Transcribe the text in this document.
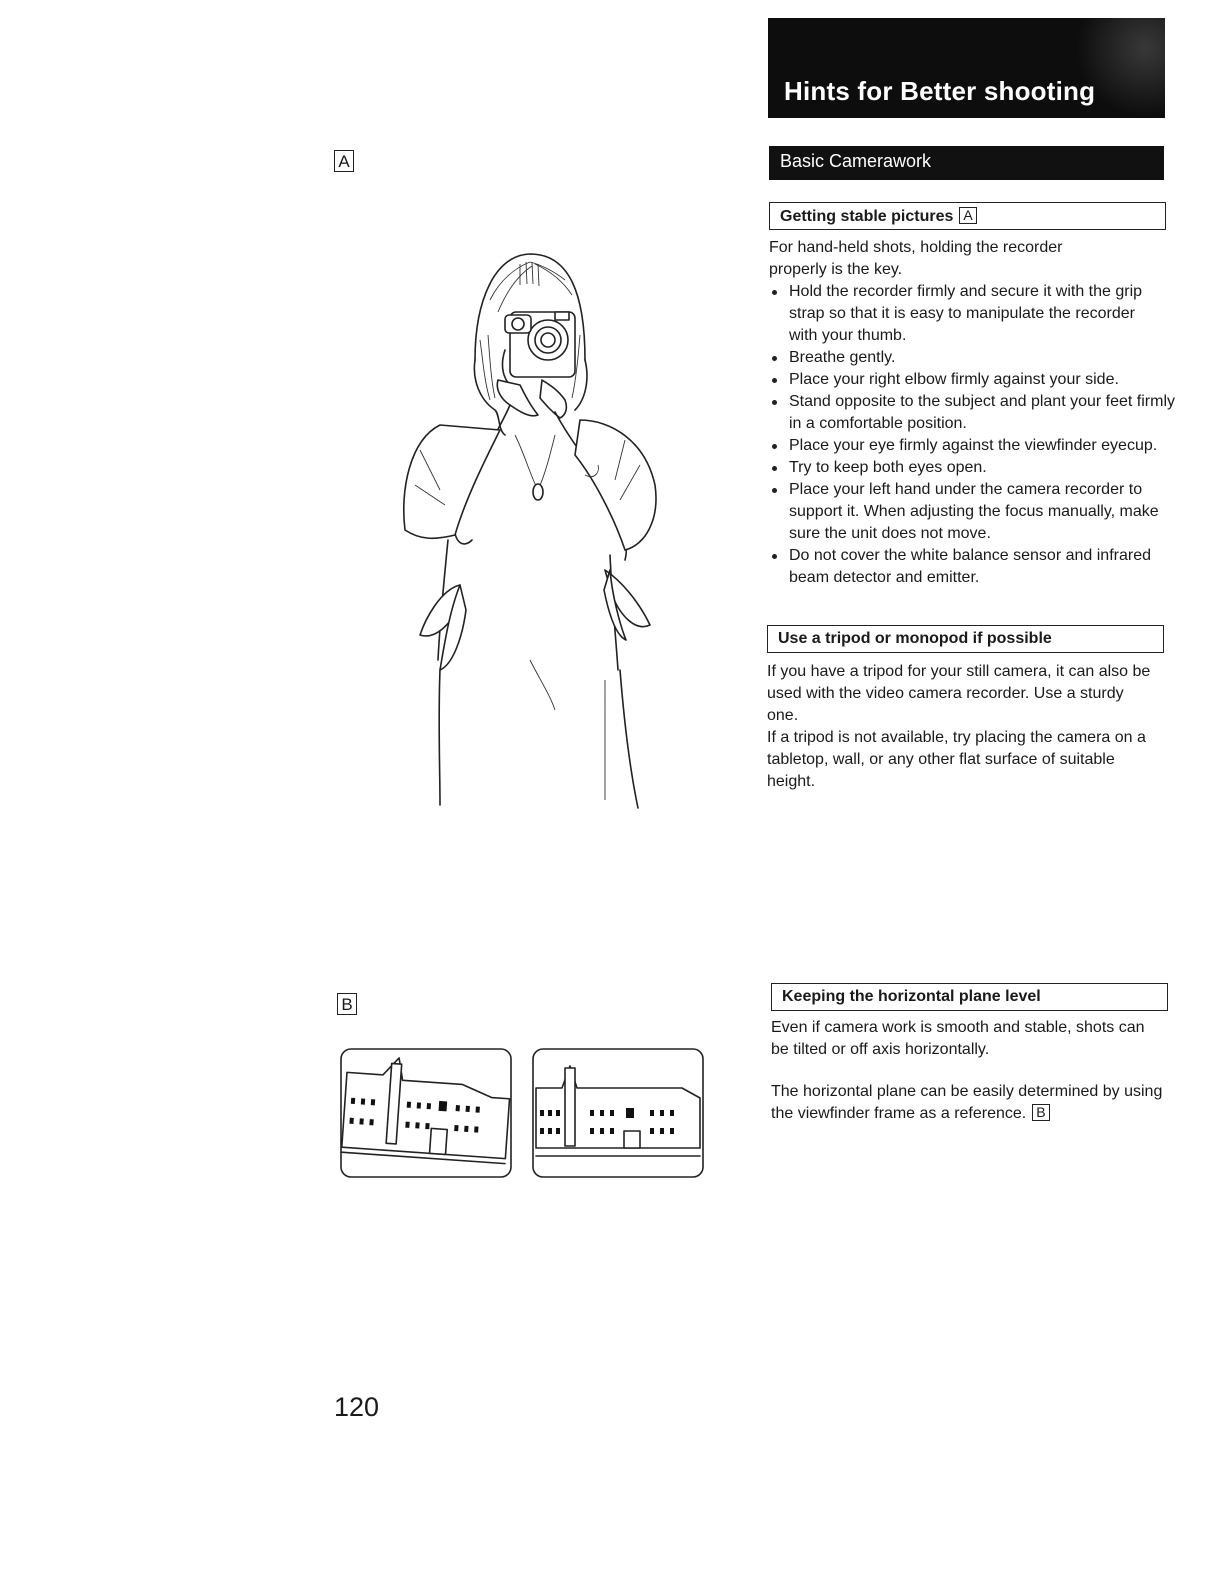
Hints for Better shooting
Basic Camerawork
A
B
Getting stable pictures A

For hand-held shots, holding the recorder properly is the key.

Hold the recorder firmly and secure it with the grip strap so that it is easy to manipulate the recorder with your thumb.
Breathe gently.
Place your right elbow firmly against your side.
Stand opposite to the subject and plant your feet firmly in a comfortable position.
Place your eye firmly against the viewfinder eyecup.
Try to keep both eyes open.
Place your left hand under the camera recorder to support it. When adjusting the focus manually, make sure the unit does not move.
Do not cover the white balance sensor and infrared beam detector and emitter.
Use a tripod or monopod if possible

If you have a tripod for your still camera, it can also be used with the video camera recorder. Use a sturdy one.

If a tripod is not available, try placing the camera on a tabletop, wall, or any other flat surface of suitable height.

Keeping the horizontal plane level

Even if camera work is smooth and stable, shots can be tilted or off axis horizontally.

The horizontal plane can be easily determined by using the viewfinder frame as a reference. B

120
